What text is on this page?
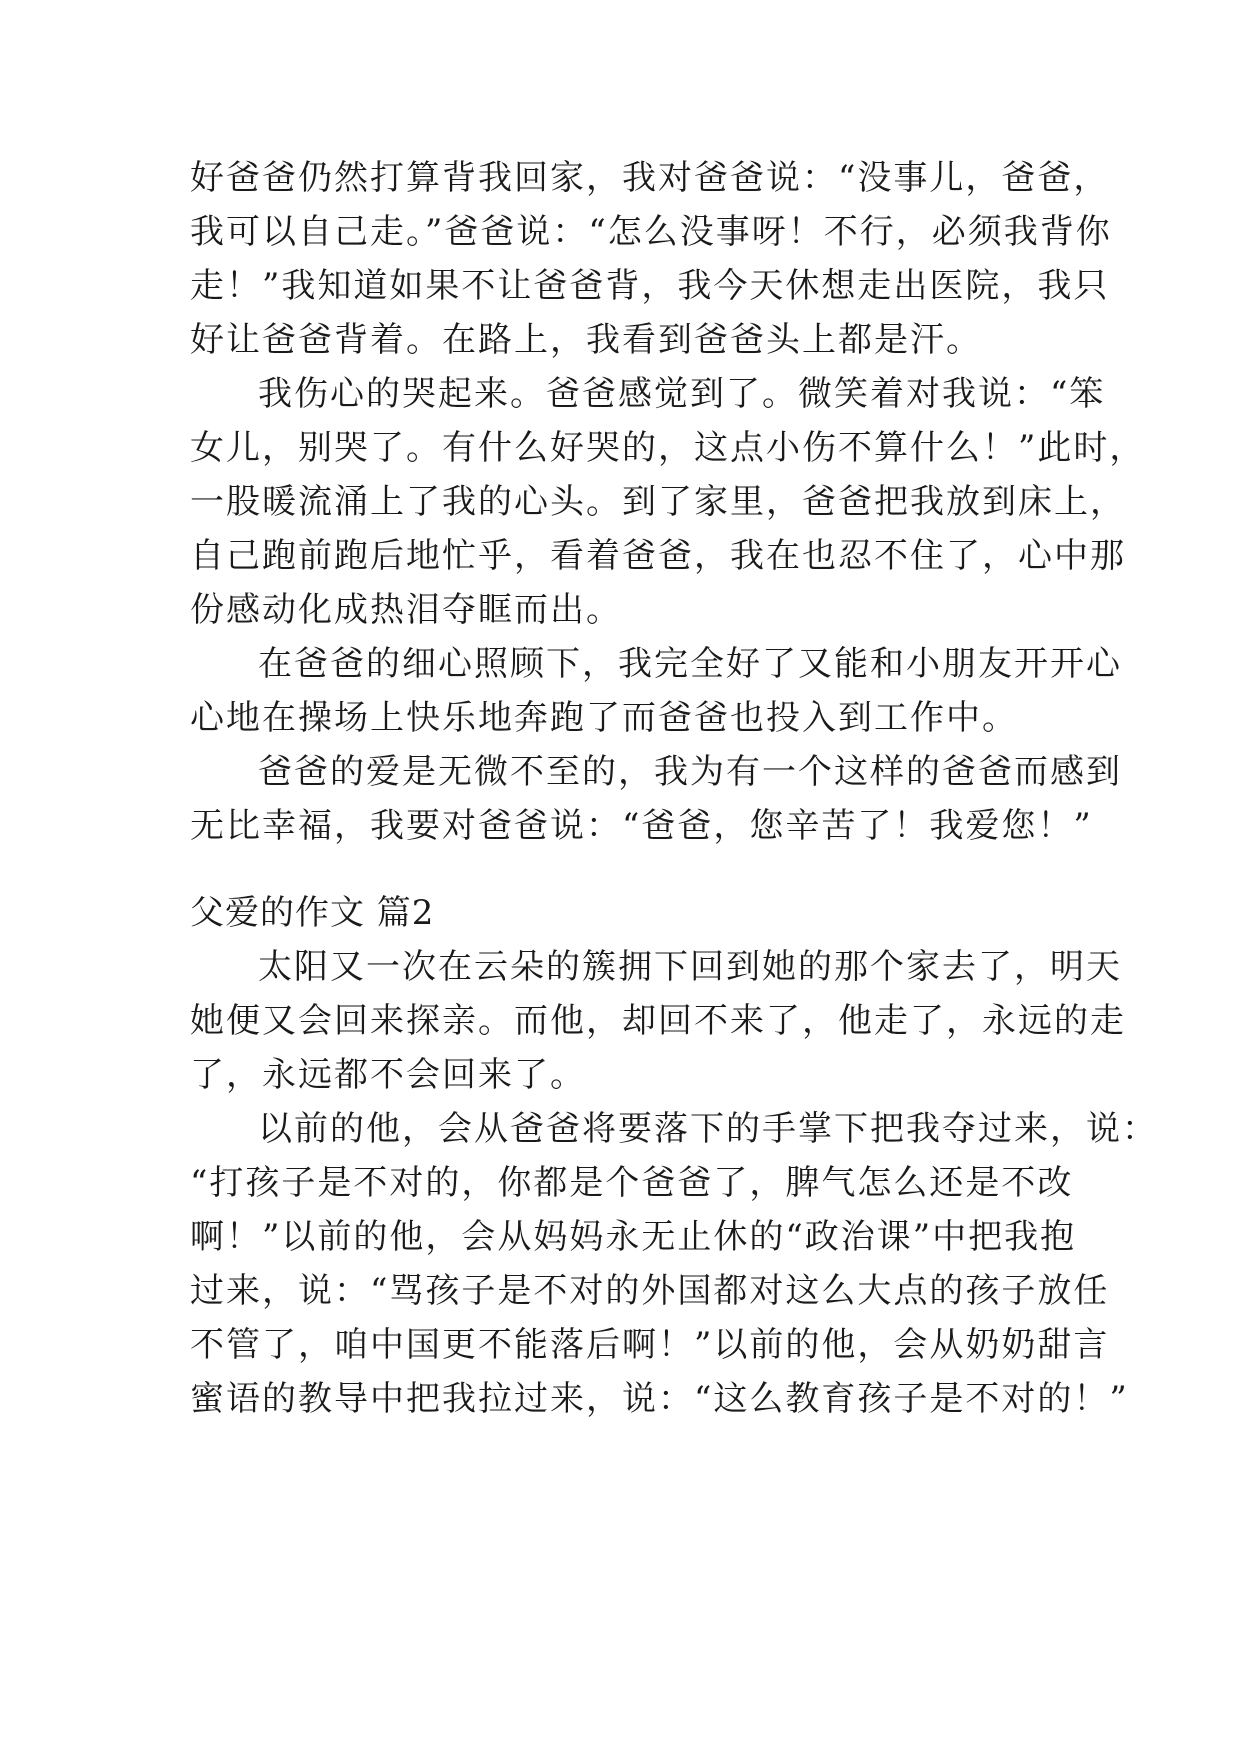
好爸爸仍然打算背我回家，我对爸爸说：“没事儿，爸爸，
我可以自己走。”爸爸说：“怎么没事呀！不行，必须我背你
走！”我知道如果不让爸爸背，我今天休想走出医院，我只
好让爸爸背着。在路上，我看到爸爸头上都是汗。
我伤心的哭起来。爸爸感觉到了。微笑着对我说：“笨
女儿，别哭了。有什么好哭的，这点小伤不算什么！”此时，
一股暖流涌上了我的心头。到了家里，爸爸把我放到床上，
自己跑前跑后地忙乎，看着爸爸，我在也忍不住了，心中那
份感动化成热泪夺眶而出。
在爸爸的细心照顾下，我完全好了又能和小朋友开开心
心地在操场上快乐地奔跑了而爸爸也投入到工作中。
爸爸的爱是无微不至的，我为有一个这样的爸爸而感到
无比幸福，我要对爸爸说：“爸爸，您辛苦了！我爱您！”
父爱的作文 篇2
太阳又一次在云朵的簇拥下回到她的那个家去了，明天
她便又会回来探亲。而他，却回不来了，他走了，永远的走
了，永远都不会回来了。
以前的他，会从爸爸将要落下的手掌下把我夺过来，说：
“打孩子是不对的，你都是个爸爸了，脾气怎么还是不改
啊！”以前的他，会从妈妈永无止休的“政治课”中把我抱
过来，说：“骂孩子是不对的外国都对这么大点的孩子放任
不管了，咱中国更不能落后啊！”以前的他，会从奶奶甜言
蜜语的教导中把我拉过来，说：“这么教育孩子是不对的！”
